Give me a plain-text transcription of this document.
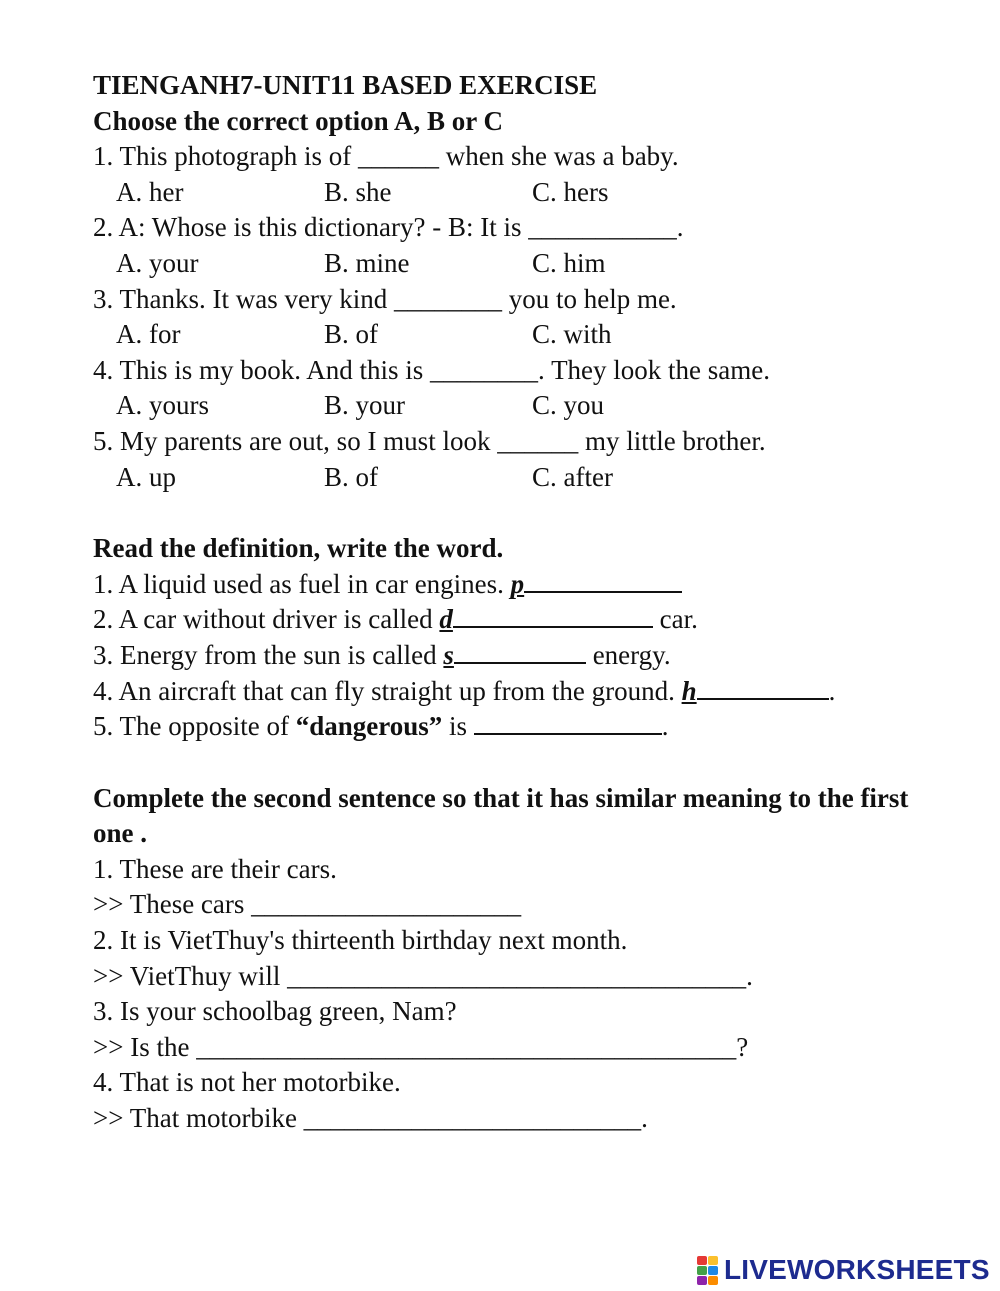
TIENGANH7-UNIT11 BASED EXERCISE
Choose the correct option A, B or C
1. This photograph is of ______ when she was a baby.
A. her	B. she	C. hers
2. A: Whose is this dictionary? - B: It is ___________.
A. your	B. mine	C. him
3. Thanks. It was very kind ________ you to help me.
A. for	B. of	C. with
4. This is my book. And this is ________. They look the same.
A. yours	B. your	C. you
5. My parents are out, so I must look ______ my little brother.
A. up	B. of	C. after
Read the definition, write the word.
1. A liquid used as fuel in car engines. p
2. A car without driver is called d	car.
3. Energy from the sun is called s	energy.
4. An aircraft that can fly straight up from the ground. h	.
5. The opposite of “dangerous” is	.
Complete the second sentence so that it has similar meaning to the first one .
1. These are their cars.
>> These cars ____________________
2. It is VietThuy's thirteenth birthday next month.
>> VietThuy will __________________________________.
3. Is your schoolbag green, Nam?
>> Is the ________________________________________?
4. That is not her motorbike.
>> That motorbike _________________________.
LIVEWORKSHEETS
